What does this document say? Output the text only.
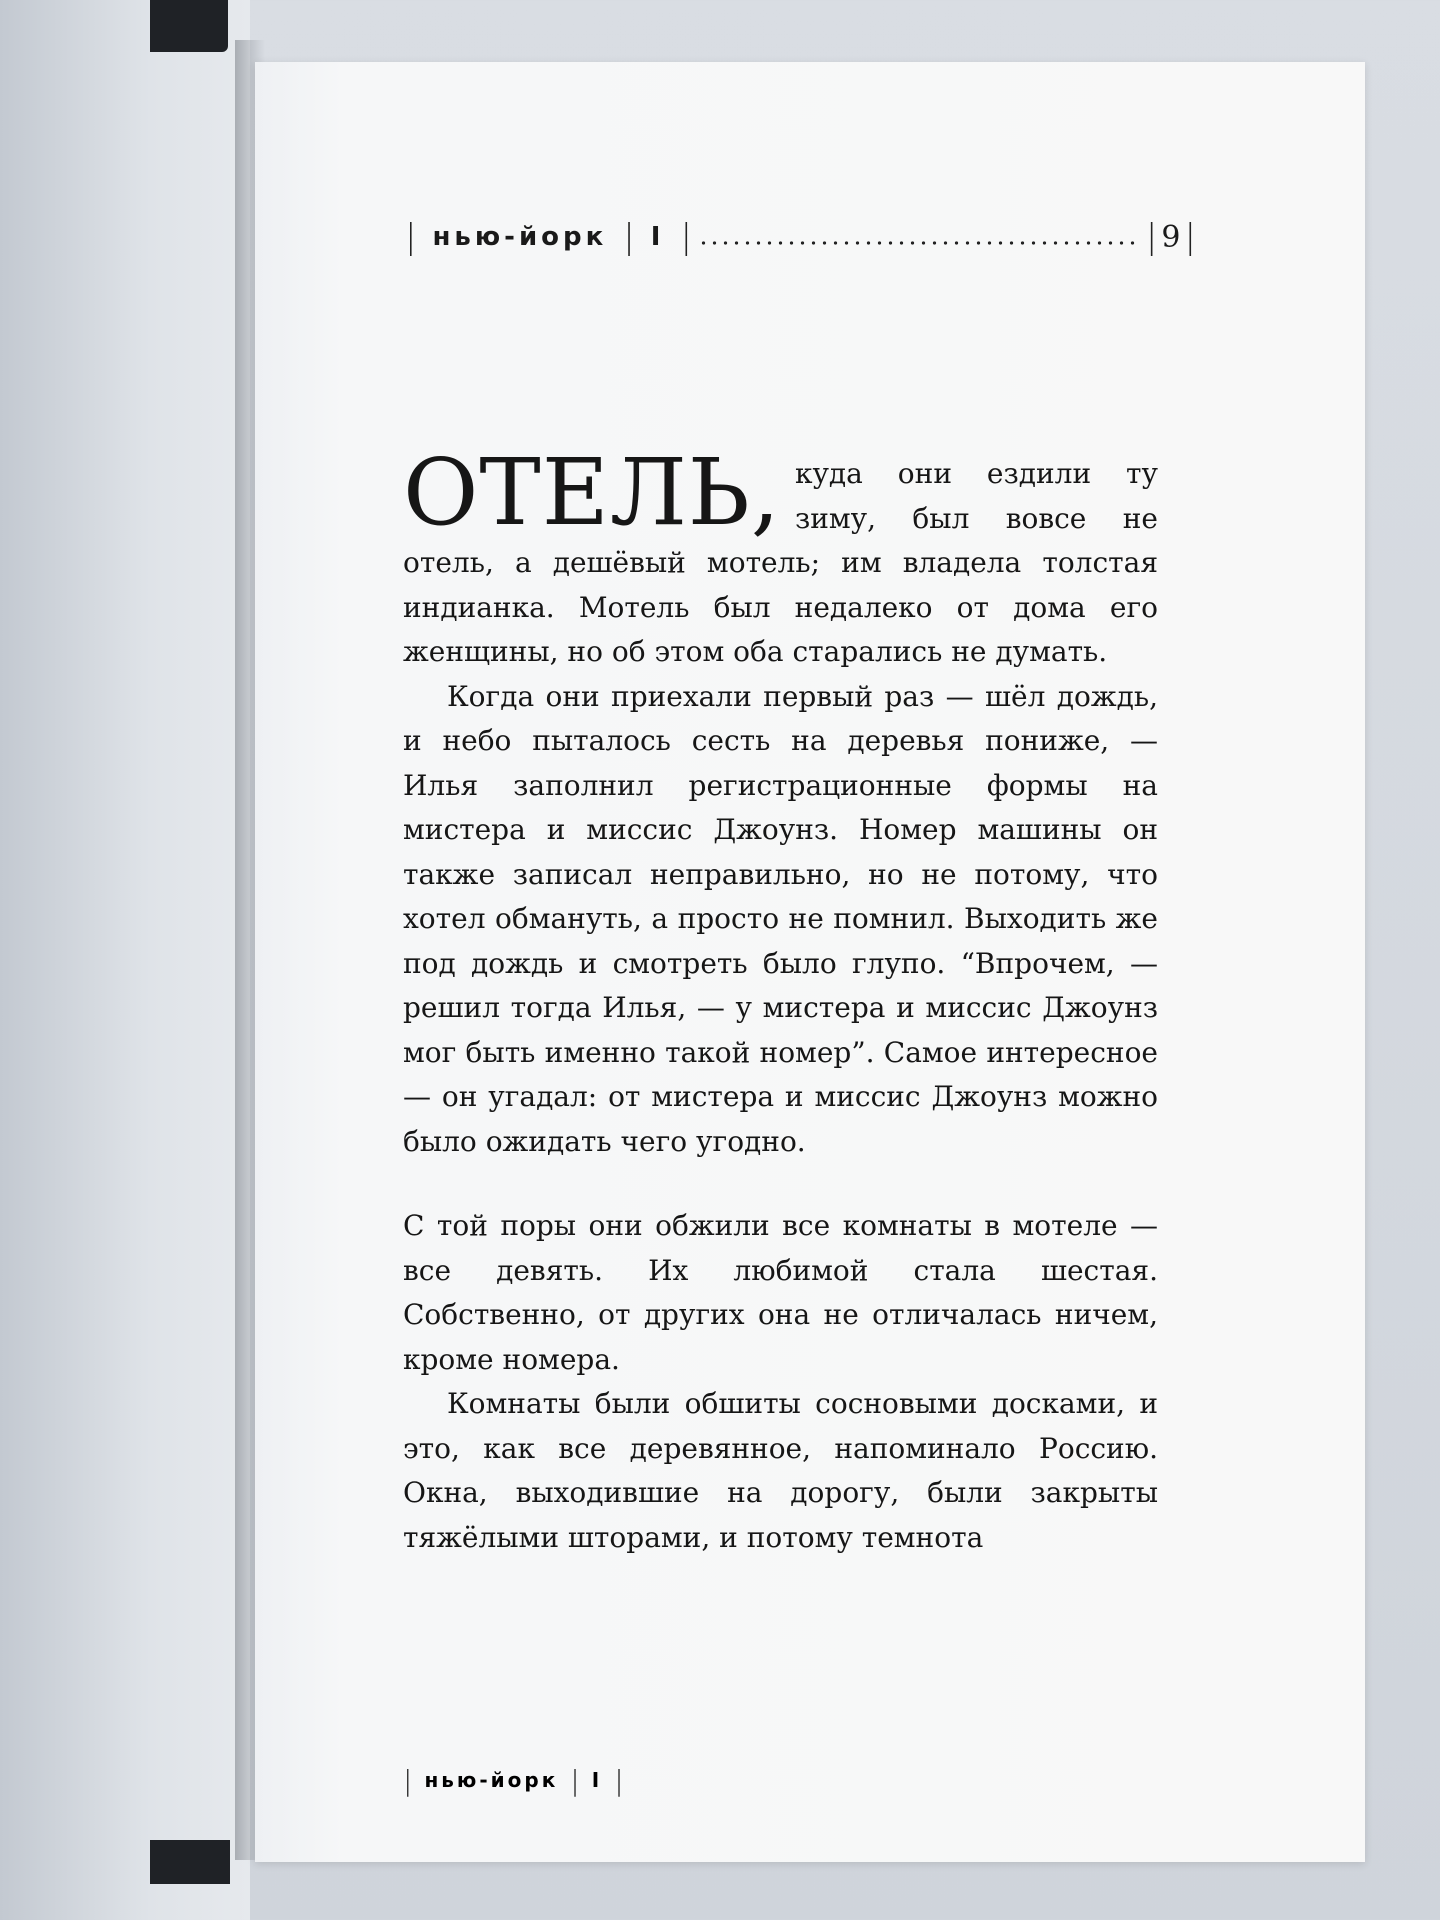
| нью-йорк | I |	| 9 |

ОТЕЛЬ, куда они ездили ту зиму, был вовсе не отель, а дешёвый мотель; им владела толстая индианка. Мотель был недалеко от дома его женщины, но об этом оба старались не думать.

Когда они приехали первый раз — шёл дождь, и небо пыталось сесть на деревья пониже, — Илья заполнил регистрационные формы на мистера и миссис Джоунз. Номер машины он также записал неправильно, но не потому, что хотел обмануть, а просто не помнил. Выходить же под дождь и смотреть было глупо. “Впрочем, — решил тогда Илья, — у мистера и миссис Джоунз мог быть именно такой номер”. Самое интересное — он угадал: от мистера и миссис Джоунз можно было ожидать чего угодно.

С той поры они обжили все комнаты в мотеле — все девять. Их любимой стала шестая. Собственно, от других она не отличалась ничем, кроме номера.

Комнаты были обшиты сосновыми досками, и это, как все деревянное, напоминало Россию. Окна, выходившие на дорогу, были закрыты тяжёлыми шторами, и потому темнота

| нью-йорк | I |
